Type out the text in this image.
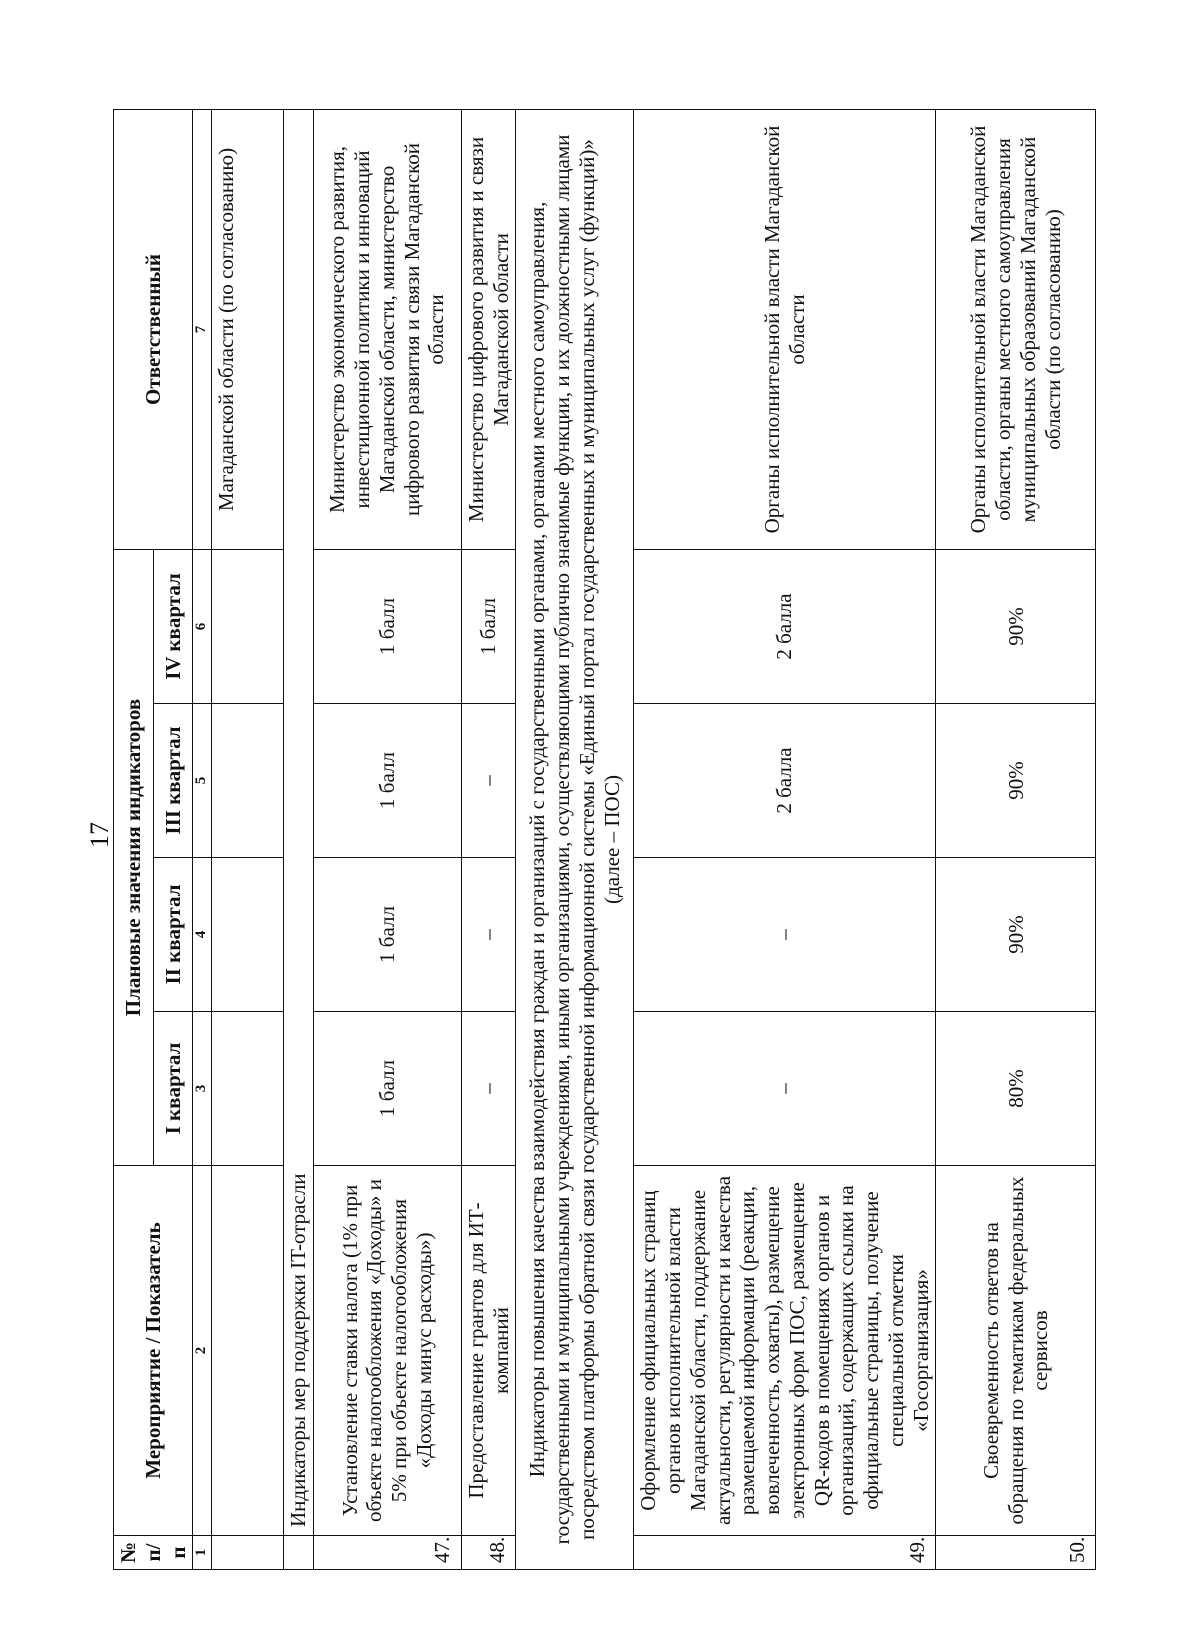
17
№ п/п	Мероприятие / Показатель	Плановые значения индикаторов				Ответственный
		I квартал	II квартал	III квартал	IV квартал	
1	2	3	4	5	6	7
						Магаданской области (по согласованию)
	Индикаторы мер поддержки IT-отрасли					
47.	Установление ставки налога (1% при объекте налогообложения «Доходы» и 5% при объекте налогообложения «Доходы минус расходы»)	1 балл	1 балл	1 балл	1 балл	Министерство экономического развития, инвестиционной политики и инноваций Магаданской области, министерство цифрового развития и связи Магаданской области
48.	Предоставление грантов для ИТ-компаний	–	–	–	1 балл	Министерство цифрового развития и связи Магаданской области
Индикаторы повышения качества взаимодействия граждан и организаций с государственными органами, органами местного самоуправления, государственными и муниципальными учреждениями, иными организациями, осуществляющими публично значимые функции, и их должностными лицами посредством платформы обратной связи государственной информационной системы «Единый портал государственных и муниципальных услуг (функций)» (далее – ПОС)						
49.	Оформление официальных страниц органов исполнительной власти Магаданской области, поддержание актуальности, регулярности и качества размещаемой информации (реакции, вовлеченность, охваты), размещение электронных форм ПОС, размещение QR-кодов в помещениях органов и организаций, содержащих ссылки на официальные страницы, получение специальной отметки «Госорганизация»	–	–	2 балла	2 балла	Органы исполнительной власти Магаданской области
50.	Своевременность ответов на обращения по тематикам федеральных сервисов	80%	90%	90%	90%	Органы исполнительной власти Магаданской области, органы местного самоуправления муниципальных образований Магаданской области (по согласованию)
